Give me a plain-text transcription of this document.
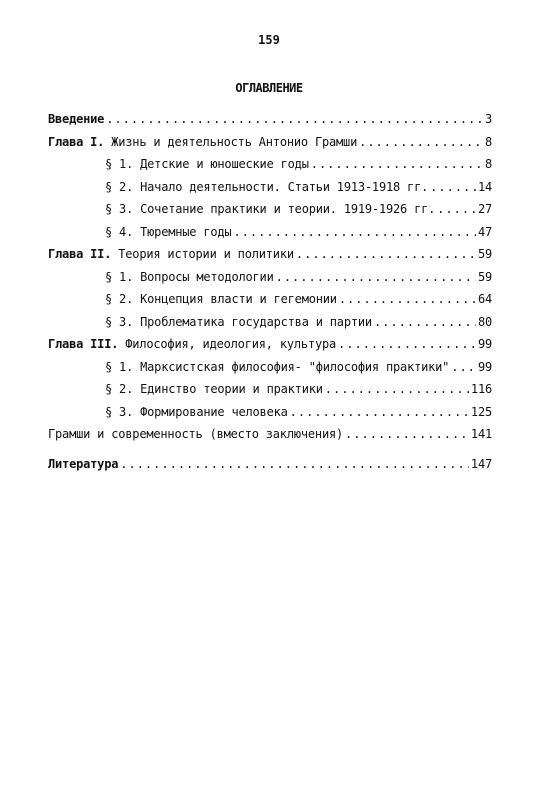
159
ОГЛАВЛЕНИЕ
Введение .....	3
Глава I. Жизнь и деятельность Антонио Грамши .....	8
§ 1. Детские и юношеские годы .....	8
§ 2. Начало деятельности. Статьи 1913-1918 гг. .....	14
§ 3. Сочетание практики и теории. 1919-1926 гг. .....	27
§ 4. Тюремные годы .....	47
Глава II. Теория истории и политики .....	59
§ 1. Вопросы методологии .....	59
§ 2. Концепция власти и гегемонии .....	64
§ 3. Проблематика государства и партии .....	80
Глава III. Философия, идеология, культура .....	99
§ 1. Марксистская философия- "философия практики" ..... 99
§ 2. Единство теории и практики .....	116
§ 3. Формирование человека .....	125
Грамши и современность (вместо заключения) .....	141
Литература .....	147
